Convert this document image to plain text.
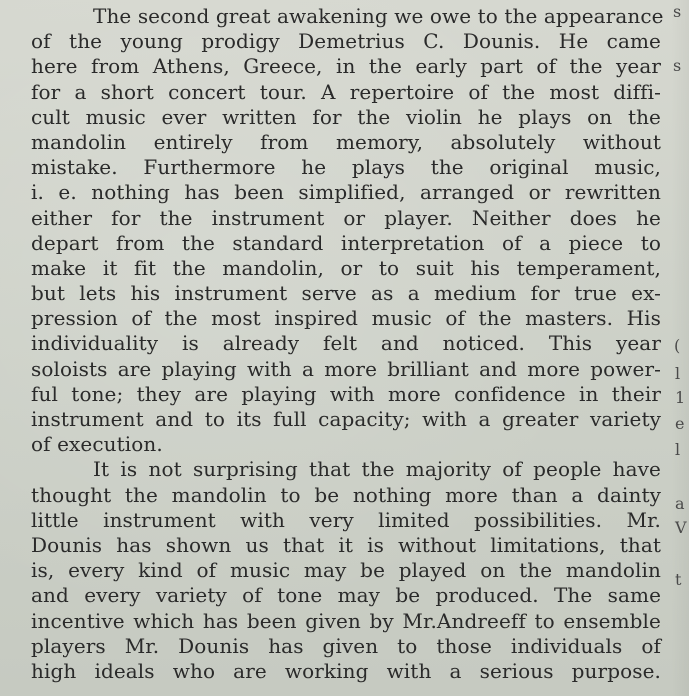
The second great awakening we owe to the appearance
of the young prodigy Demetrius C. Dounis. He came
here from Athens, Greece, in the early part of the year
for a short concert tour. A repertoire of the most diffi-
cult music ever written for the violin he plays on the
mandolin entirely from memory, absolutely without
mistake. Furthermore he plays the original music,
i. e. nothing has been simplified, arranged or rewritten
either for the instrument or player. Neither does he
depart from the standard interpretation of a piece to
make it fit the mandolin, or to suit his temperament,
but lets his instrument serve as a medium for true ex-
pression of the most inspired music of the masters. His
individuality is already felt and noticed. This year
soloists are playing with a more brilliant and more power-
ful tone; they are playing with more confidence in their
instrument and to its full capacity; with a greater variety
of execution.
It is not surprising that the majority of people have
thought the mandolin to be nothing more than a dainty
little instrument with very limited possibilities. Mr.
Dounis has shown us that it is without limitations, that
is, every kind of music may be played on the mandolin
and every variety of tone may be produced. The same
incentive which has been given by Mr.Andreeff to ensemble
players Mr. Dounis has given to those individuals of
high ideals who are working with a serious purpose.
s
s
(
l
1
e
l
a
V
t
